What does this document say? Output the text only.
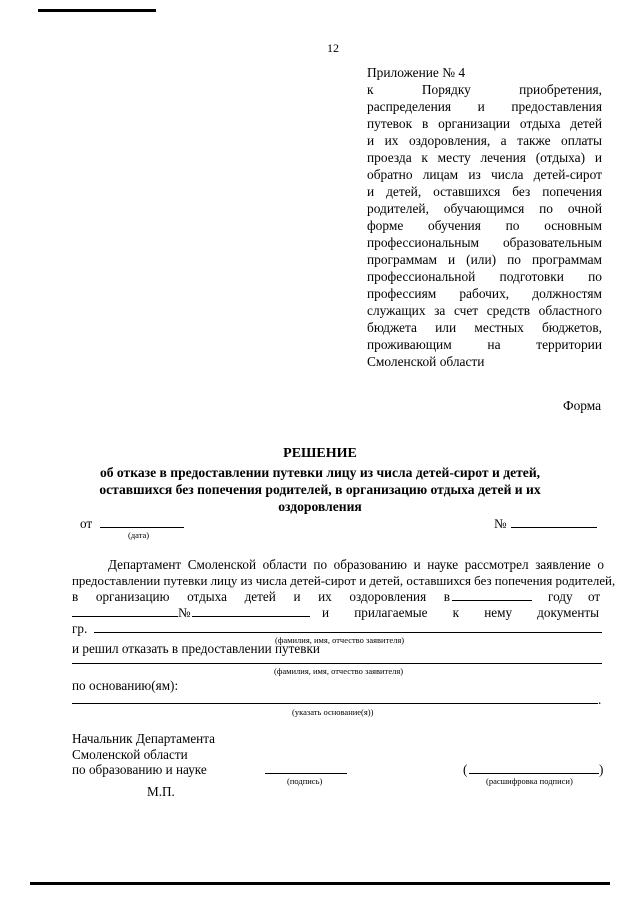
12
Приложение № 4
к Порядку приобретения,
распределения и предоставления
путевок в организации отдыха детей
и их оздоровления, а также оплаты
проезда к месту лечения (отдыха) и
обратно лицам из числа детей-сирот
и детей, оставшихся без попечения
родителей, обучающимся по очной
форме обучения по основным
профессиональным образовательным
программам и (или) по программам
профессиональной подготовки по
профессиям рабочих, должностям
служащих за счет средств областного
бюджета или местных бюджетов,
проживающим на территории
Смоленской области
Форма
РЕШЕНИЕ
об отказе в предоставлении путевки лицу из числа детей-сирот и детей,
оставшихся без попечения родителей, в организацию отдыха детей и их
оздоровления
от
(дата)
№
Департамент Смоленской области по образованию и науке рассмотрел заявление о
предоставлении путевки лицу из числа детей-сирот и детей, оставшихся без попечения родителей,
в организацию отдыха детей и их оздоровления в	году от
№	и прилагаемые к нему документы
гр.
(фамилия, имя, отчество заявителя)
и решил отказать в предоставлении путевки
(фамилия, имя, отчество заявителя)
по основанию(ям):
.
(указать основание(я))
Начальник Департамента
Смоленской области
по образованию и науке
(подпись)
(	)
(расшифровка подписи)
М.П.
